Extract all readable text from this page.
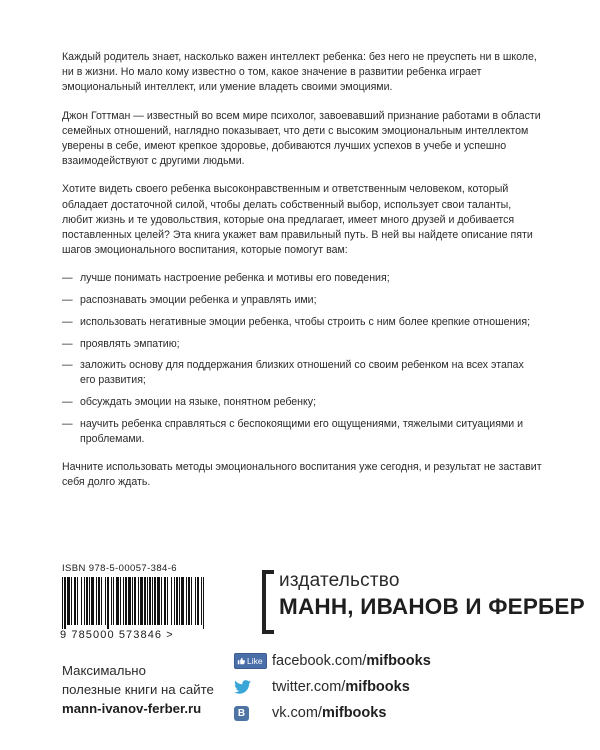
Каждый родитель знает, насколько важен интеллект ребенка: без него не преуспеть ни в школе, ни в жизни. Но мало кому известно о том, какое значение в развитии ребенка играет эмоциональный интеллект, или умение владеть своими эмоциями.

Джон Готтман — известный во всем мире психолог, завоевавший признание работами в области семейных отношений, наглядно показывает, что дети с высоким эмоциональным интеллектом уверены в себе, имеют крепкое здоровье, добиваются лучших успехов в учебе и успешно взаимодействуют с другими людьми.

Хотите видеть своего ребенка высоконравственным и ответственным человеком, который обладает достаточной силой, чтобы делать собственный выбор, использует свои таланты, любит жизнь и те удовольствия, которые она предлагает, имеет много друзей и добивается поставленных целей? Эта книга укажет вам правильный путь. В ней вы найдете описание пяти шагов эмоционального воспитания, которые помогут вам:

— лучше понимать настроение ребенка и мотивы его поведения;
— распознавать эмоции ребенка и управлять ими;
— использовать негативные эмоции ребенка, чтобы строить с ним более крепкие отношения;
— проявлять эмпатию;
— заложить основу для поддержания близких отношений со своим ребенком на всех этапах его развития;
— обсуждать эмоции на языке, понятном ребенку;
— научить ребенка справляться с беспокоящими его ощущениями, тяжелыми ситуациями и проблемами.

Начните использовать методы эмоционального воспитания уже сегодня, и результат не заставит себя долго ждать.

ISBN 978-5-00057-384-6
9 785000 573846 >
издательство
МАНН, ИВАНОВ И ФЕРБЕР
Максимально
полезные книги на сайте
mann-ivanov-ferber.ru
Like facebook.com/mifbooks
twitter.com/mifbooks
В vk.com/mifbooks
